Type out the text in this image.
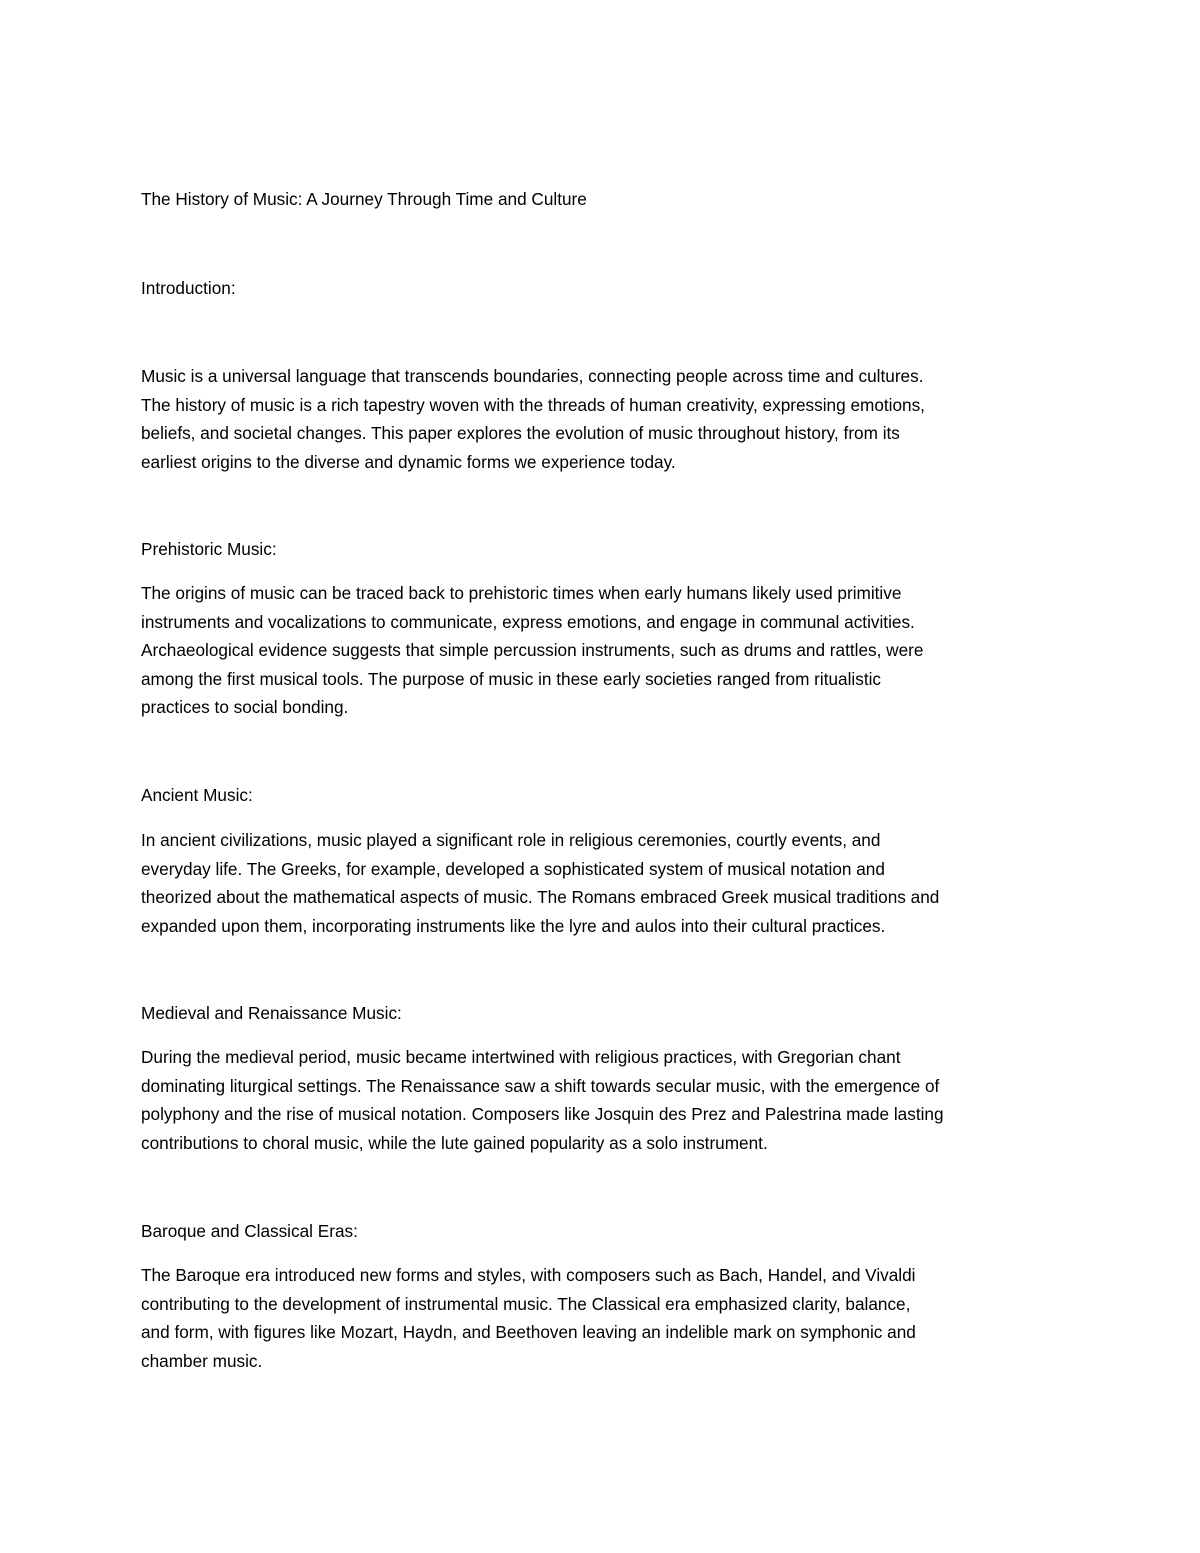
The History of Music: A Journey Through Time and Culture

Introduction:

Music is a universal language that transcends boundaries, connecting people across time and cultures.
The history of music is a rich tapestry woven with the threads of human creativity, expressing emotions,
beliefs, and societal changes. This paper explores the evolution of music throughout history, from its
earliest origins to the diverse and dynamic forms we experience today.

Prehistoric Music:

The origins of music can be traced back to prehistoric times when early humans likely used primitive
instruments and vocalizations to communicate, express emotions, and engage in communal activities.
Archaeological evidence suggests that simple percussion instruments, such as drums and rattles, were
among the first musical tools. The purpose of music in these early societies ranged from ritualistic
practices to social bonding.

Ancient Music:

In ancient civilizations, music played a significant role in religious ceremonies, courtly events, and
everyday life. The Greeks, for example, developed a sophisticated system of musical notation and
theorized about the mathematical aspects of music. The Romans embraced Greek musical traditions and
expanded upon them, incorporating instruments like the lyre and aulos into their cultural practices.

Medieval and Renaissance Music:

During the medieval period, music became intertwined with religious practices, with Gregorian chant
dominating liturgical settings. The Renaissance saw a shift towards secular music, with the emergence of
polyphony and the rise of musical notation. Composers like Josquin des Prez and Palestrina made lasting
contributions to choral music, while the lute gained popularity as a solo instrument.

Baroque and Classical Eras:

The Baroque era introduced new forms and styles, with composers such as Bach, Handel, and Vivaldi
contributing to the development of instrumental music. The Classical era emphasized clarity, balance,
and form, with figures like Mozart, Haydn, and Beethoven leaving an indelible mark on symphonic and
chamber music.
